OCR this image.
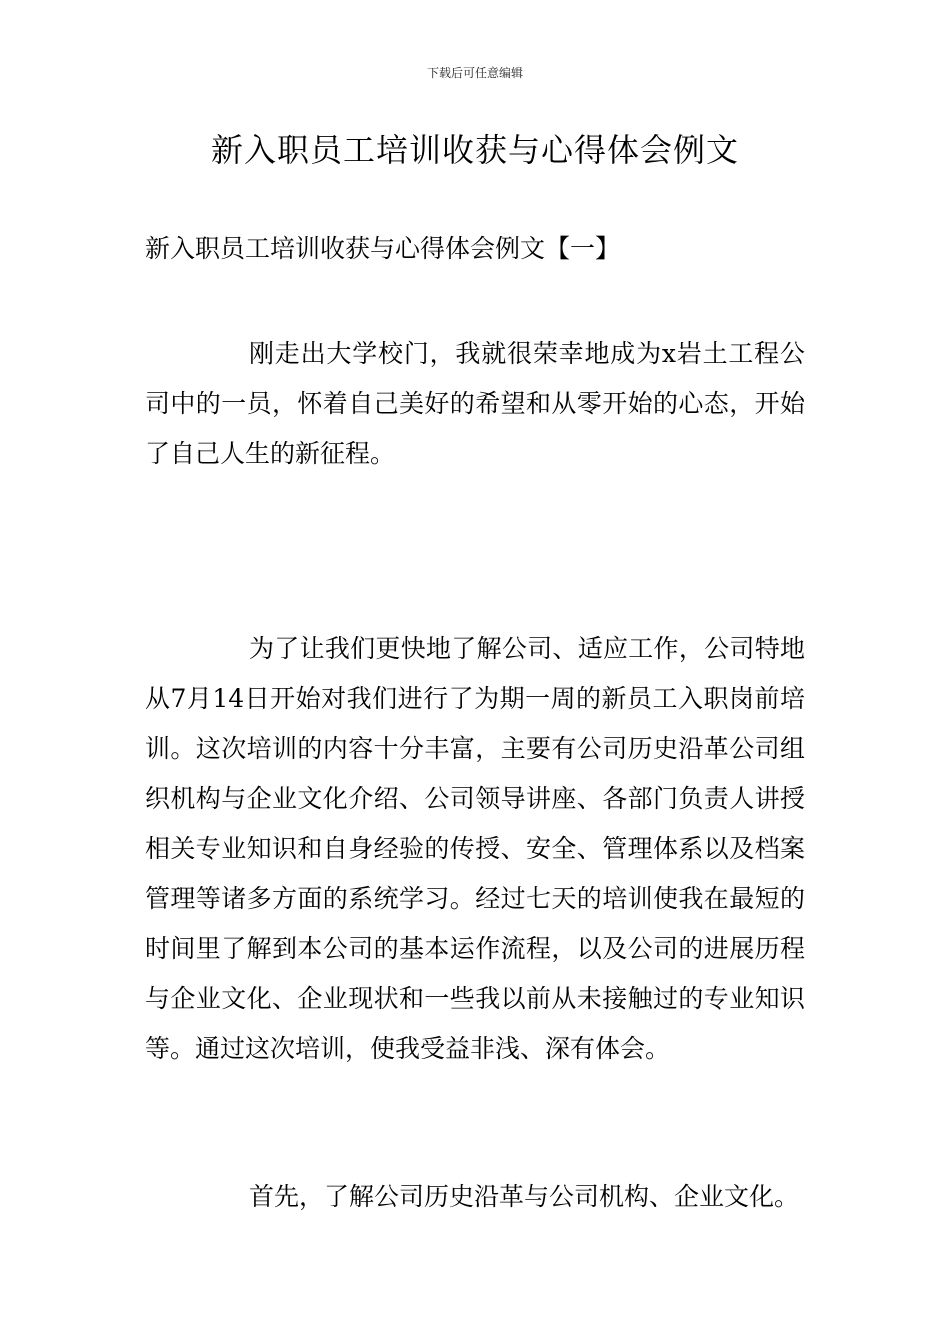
下载后可任意编辑
新入职员工培训收获与心得体会例文
新入职员工培训收获与心得体会例文【一】

刚走出大学校门，我就很荣幸地成为x岩土工程公司中的一员，怀着自己美好的希望和从零开始的心态，开始了自己人生的新征程。

为了让我们更快地了解公司、适应工作，公司特地从7月14日开始对我们进行了为期一周的新员工入职岗前培训。这次培训的内容十分丰富，主要有公司历史沿革公司组织机构与企业文化介绍、公司领导讲座、各部门负责人讲授相关专业知识和自身经验的传授、安全、管理体系以及档案管理等诸多方面的系统学习。经过七天的培训使我在最短的时间里了解到本公司的基本运作流程，以及公司的进展历程与企业文化、企业现状和一些我以前从未接触过的专业知识等。通过这次培训，使我受益非浅、深有体会。

首先，了解公司历史沿革与公司机构、企业文化。
